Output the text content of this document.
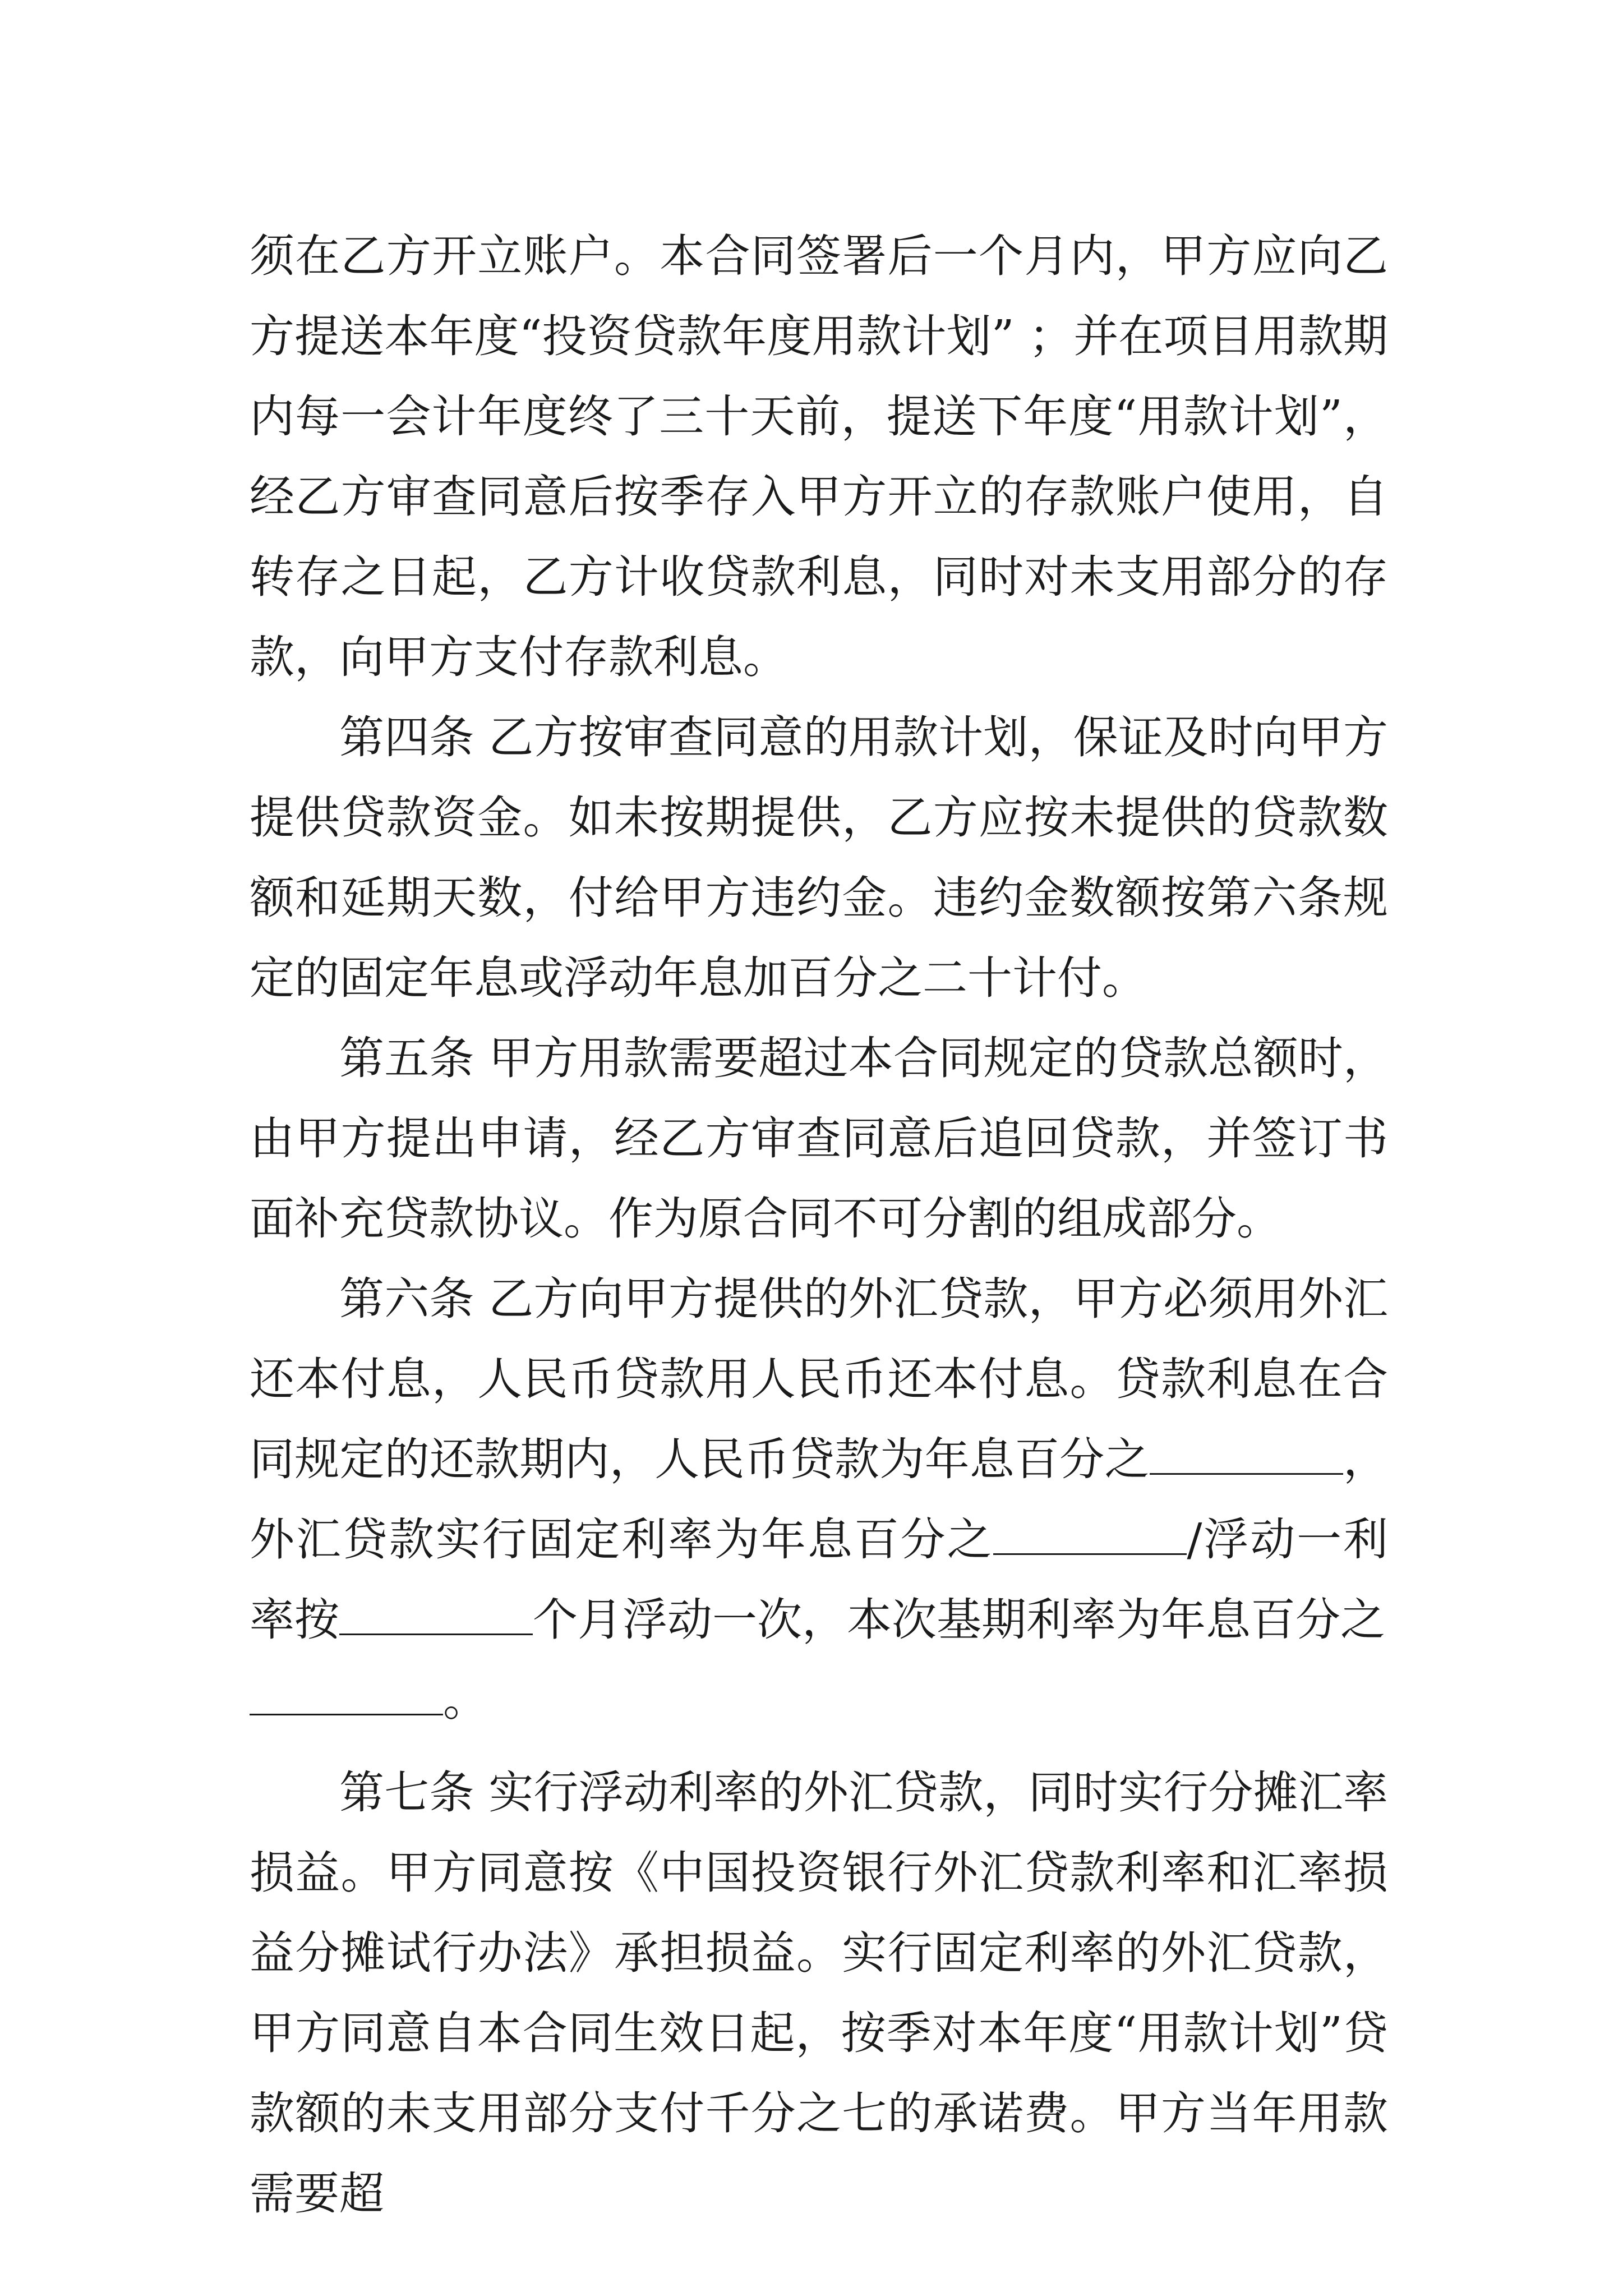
须在乙方开立账户。本合同签署后一个月内，甲方应向乙方提送本年度“投资贷款年度用款计划” ；并在项目用款期内每一会计年度终了三十天前，提送下年度“用款计划”，经乙方审查同意后按季存入甲方开立的存款账户使用，自转存之日起，乙方计收贷款利息，同时对未支用部分的存款，向甲方支付存款利息。

第四条 乙方按审查同意的用款计划，保证及时向甲方提供贷款资金。如未按期提供，乙方应按未提供的贷款数额和延期天数，付给甲方违约金。违约金数额按第六条规定的固定年息或浮动年息加百分之二十计付。

第五条 甲方用款需要超过本合同规定的贷款总额时，由甲方提出申请，经乙方审查同意后追回贷款，并签订书面补充贷款协议。作为原合同不可分割的组成部分。

第六条 乙方向甲方提供的外汇贷款，甲方必须用外汇还本付息，人民币贷款用人民币还本付息。贷款利息在合同规定的还款期内，人民币贷款为年息百分之	，外汇贷款实行固定利率为年息百分之	/浮动一利率按	个月浮动一次，本次基期利率为年息百分之
。

第七条 实行浮动利率的外汇贷款，同时实行分摊汇率损益。甲方同意按《中国投资银行外汇贷款利率和汇率损益分摊试行办法》承担损益。实行固定利率的外汇贷款，甲方同意自本合同生效日起，按季对本年度“用款计划”贷款额的未支用部分支付千分之七的承诺费。甲方当年用款需要超
